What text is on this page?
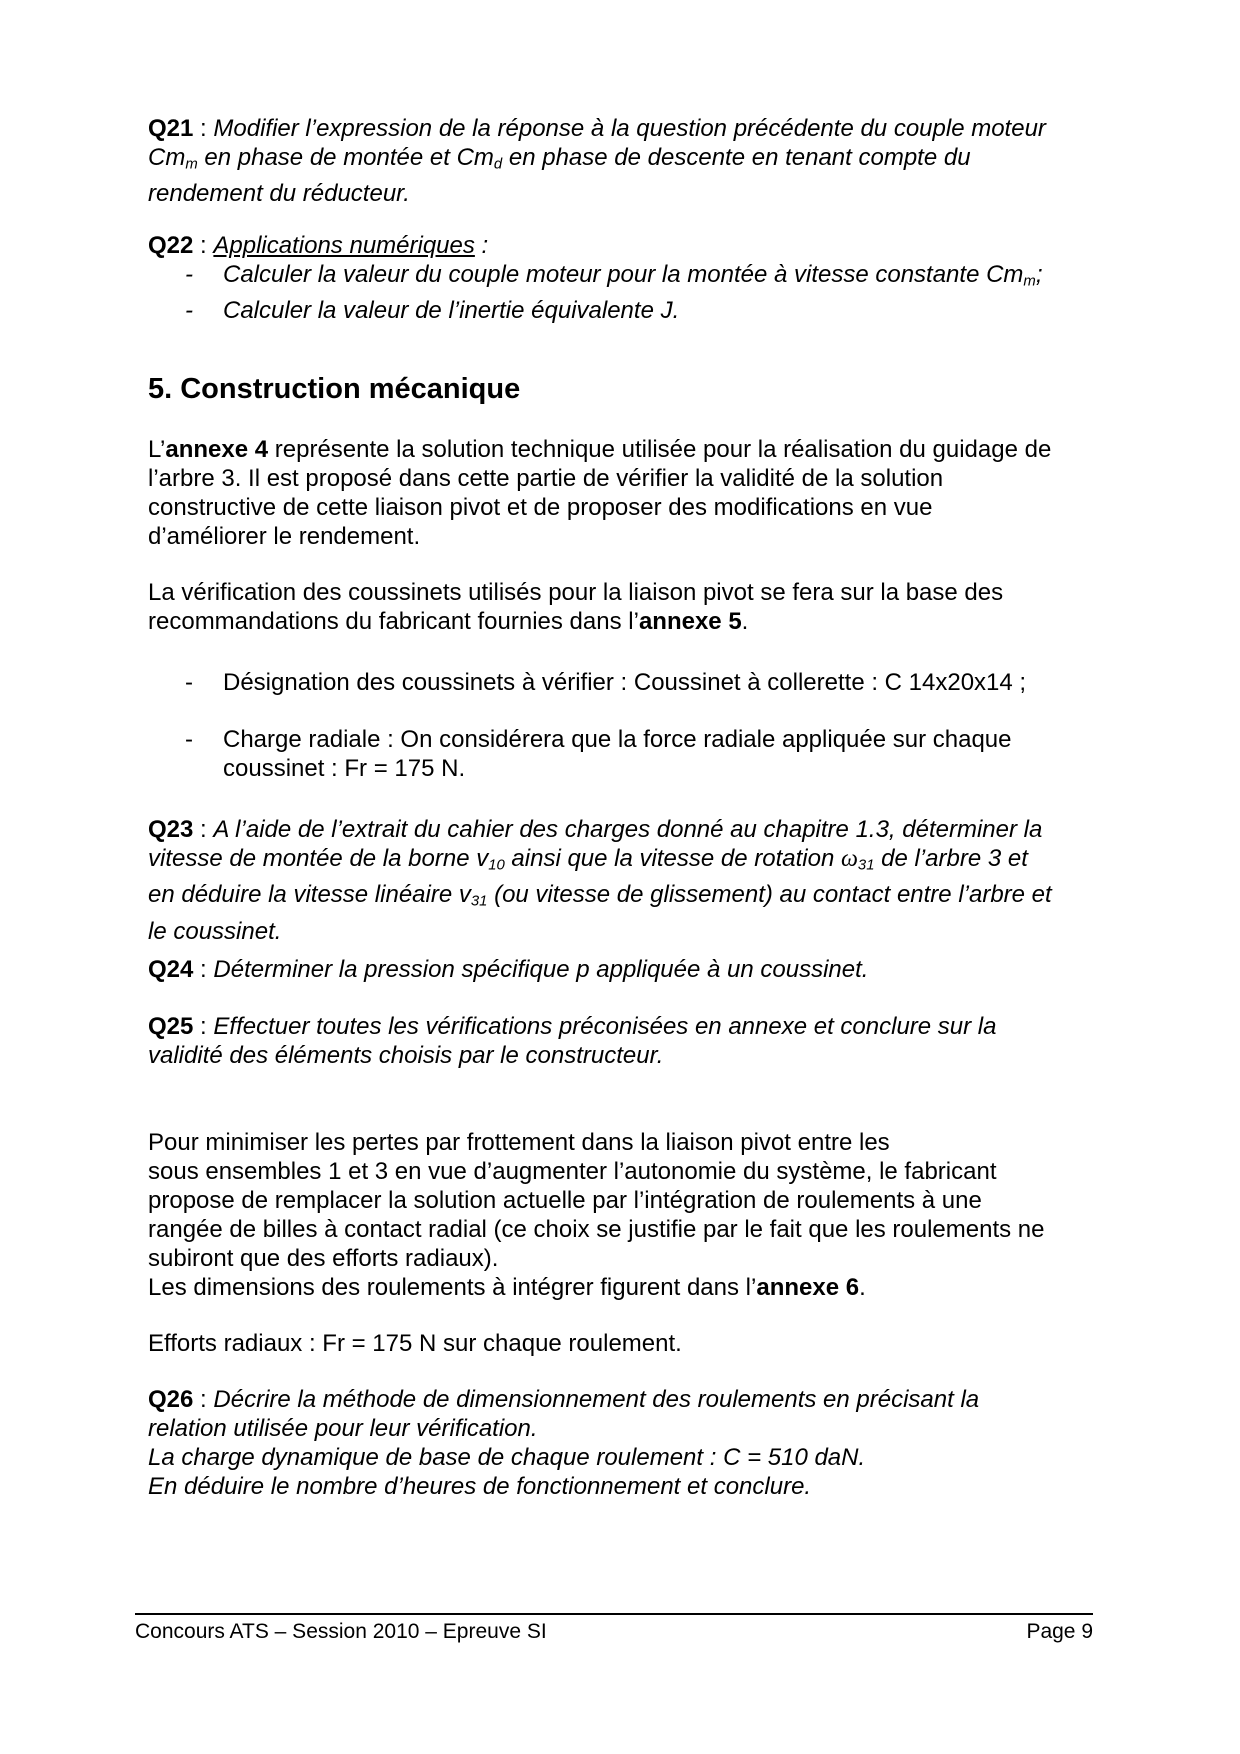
Q21 : Modifier l’expression de la réponse à la question précédente du couple moteur
Cmm en phase de montée et Cmd en phase de descente en tenant compte du
rendement du réducteur.
Q22 : Applications numériques :
-	Calculer la valeur du couple moteur pour la montée à vitesse constante Cmm;
-	Calculer la valeur de l’inertie équivalente J.
5. Construction mécanique
L’annexe 4 représente la solution technique utilisée pour la réalisation du guidage de
l’arbre 3. Il est proposé dans cette partie de vérifier la validité de la solution
constructive de cette liaison pivot et de proposer des modifications en vue
d’améliorer le rendement.
La vérification des coussinets utilisés pour la liaison pivot se fera sur la base des
recommandations du fabricant fournies dans l’annexe 5.
-	Désignation des coussinets à vérifier : Coussinet à collerette : C 14x20x14 ;
-	Charge radiale : On considérera que la force radiale appliquée sur chaque
coussinet : Fr = 175 N.
Q23 : A l’aide de l’extrait du cahier des charges donné au chapitre 1.3, déterminer la
vitesse de montée de la borne v10 ainsi que la vitesse de rotation ω31 de l’arbre 3 et
en déduire la vitesse linéaire v31 (ou vitesse de glissement) au contact entre l’arbre et
le coussinet.
Q24 : Déterminer la pression spécifique p appliquée à un coussinet.
Q25 : Effectuer toutes les vérifications préconisées en annexe et conclure sur la
validité des éléments choisis par le constructeur.
Pour minimiser les pertes par frottement dans la liaison pivot entre les
sous ensembles 1 et 3 en vue d’augmenter l’autonomie du système, le fabricant
propose de remplacer la solution actuelle par l’intégration de roulements à une
rangée de billes à contact radial (ce choix se justifie par le fait que les roulements ne
subiront que des efforts radiaux).
Les dimensions des roulements à intégrer figurent dans l’annexe 6.
Efforts radiaux : Fr = 175 N sur chaque roulement.
Q26 : Décrire la méthode de dimensionnement des roulements en précisant la
relation utilisée pour leur vérification.
La charge dynamique de base de chaque roulement : C = 510 daN.
En déduire le nombre d’heures de fonctionnement et conclure.
Concours ATS – Session 2010 – Epreuve SI	Page 9
